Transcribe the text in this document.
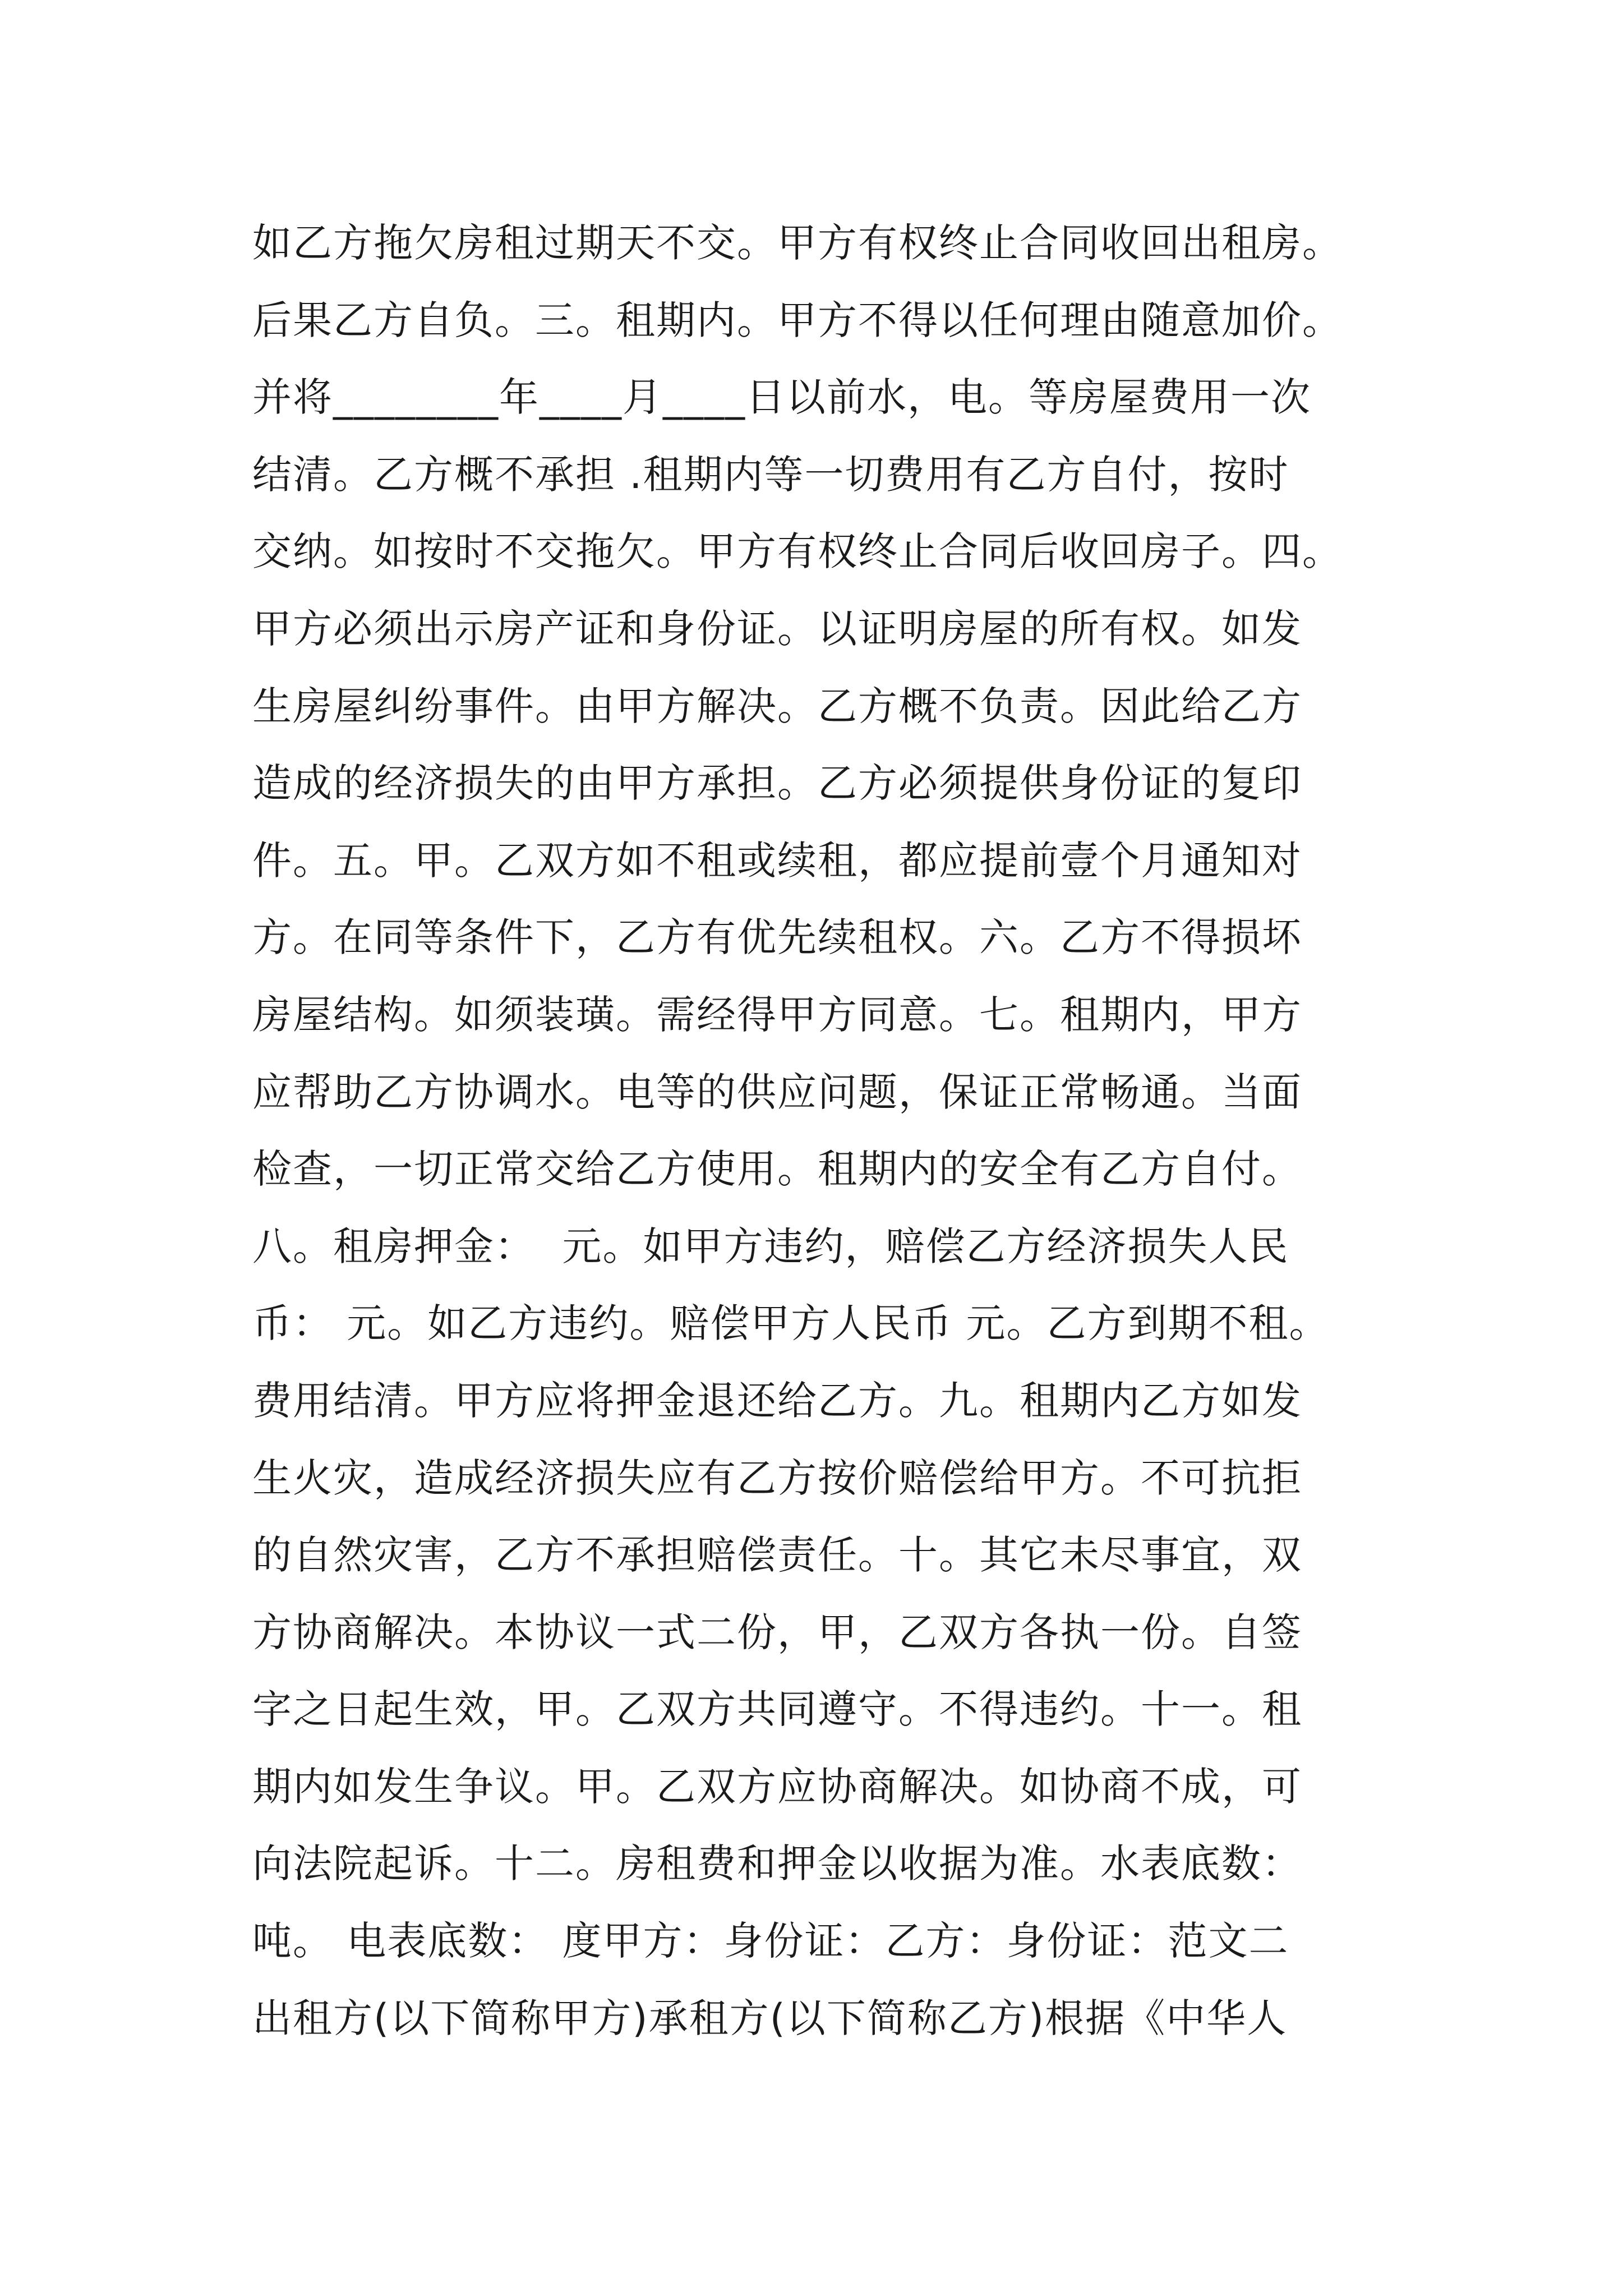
如乙方拖欠房租过期天不交。甲方有权终止合同收回出租房。
后果乙方自负。三。租期内。甲方不得以任何理由随意加价。
并将________年____月____日以前水，电。等房屋费用一次
结清。乙方概不承担 .租期内等一切费用有乙方自付，按时
交纳。如按时不交拖欠。甲方有权终止合同后收回房子。四。
甲方必须出示房产证和身份证。以证明房屋的所有权。如发
生房屋纠纷事件。由甲方解决。乙方概不负责。因此给乙方
造成的经济损失的由甲方承担。乙方必须提供身份证的复印
件。五。甲。乙双方如不租或续租，都应提前壹个月通知对
方。在同等条件下，乙方有优先续租权。六。乙方不得损坏
房屋结构。如须装璜。需经得甲方同意。七。租期内，甲方
应帮助乙方协调水。电等的供应问题，保证正常畅通。当面
检查，一切正常交给乙方使用。租期内的安全有乙方自付。
八。租房押金：  元。如甲方违约，赔偿乙方经济损失人民
币： 元。如乙方违约。赔偿甲方人民币 元。乙方到期不租。
费用结清。甲方应将押金退还给乙方。九。租期内乙方如发
生火灾，造成经济损失应有乙方按价赔偿给甲方。不可抗拒
的自然灾害，乙方不承担赔偿责任。十。其它未尽事宜，双
方协商解决。本协议一式二份，甲，乙双方各执一份。自签
字之日起生效，甲。乙双方共同遵守。不得违约。十一。租
期内如发生争议。甲。乙双方应协商解决。如协商不成，可
向法院起诉。十二。房租费和押金以收据为准。水表底数：
吨。 电表底数： 度甲方：身份证：乙方：身份证：范文二
出租方(以下简称甲方)承租方(以下简称乙方)根据《中华人
